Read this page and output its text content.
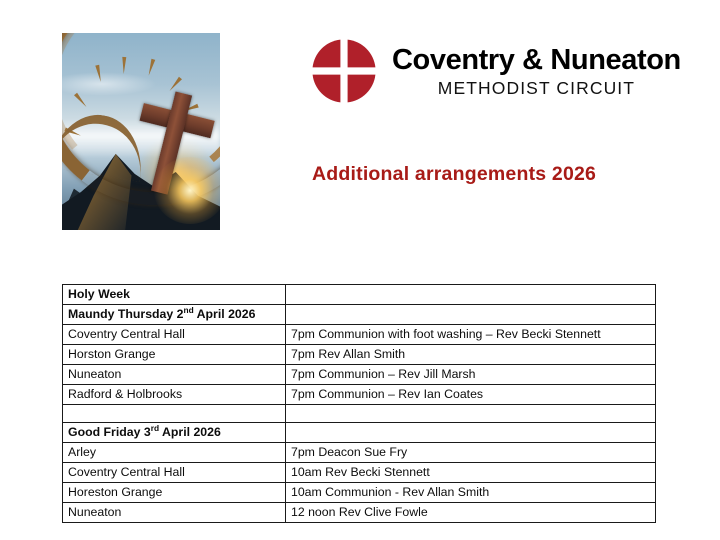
Coventry & Nuneaton
METHODIST CIRCUIT
Additional arrangements 2026
Holy Week	
Maundy Thursday 2nd April 2026	
Coventry Central Hall	7pm Communion with foot washing – Rev Becki Stennett
Horston Grange	7pm Rev Allan Smith
Nuneaton	7pm Communion – Rev Jill Marsh
Radford & Holbrooks	7pm Communion – Rev Ian Coates

Good Friday 3rd April 2026	
Arley	7pm Deacon Sue Fry
Coventry Central Hall	10am Rev Becki Stennett
Horeston Grange	10am Communion - Rev Allan Smith
Nuneaton	12 noon Rev Clive Fowle
